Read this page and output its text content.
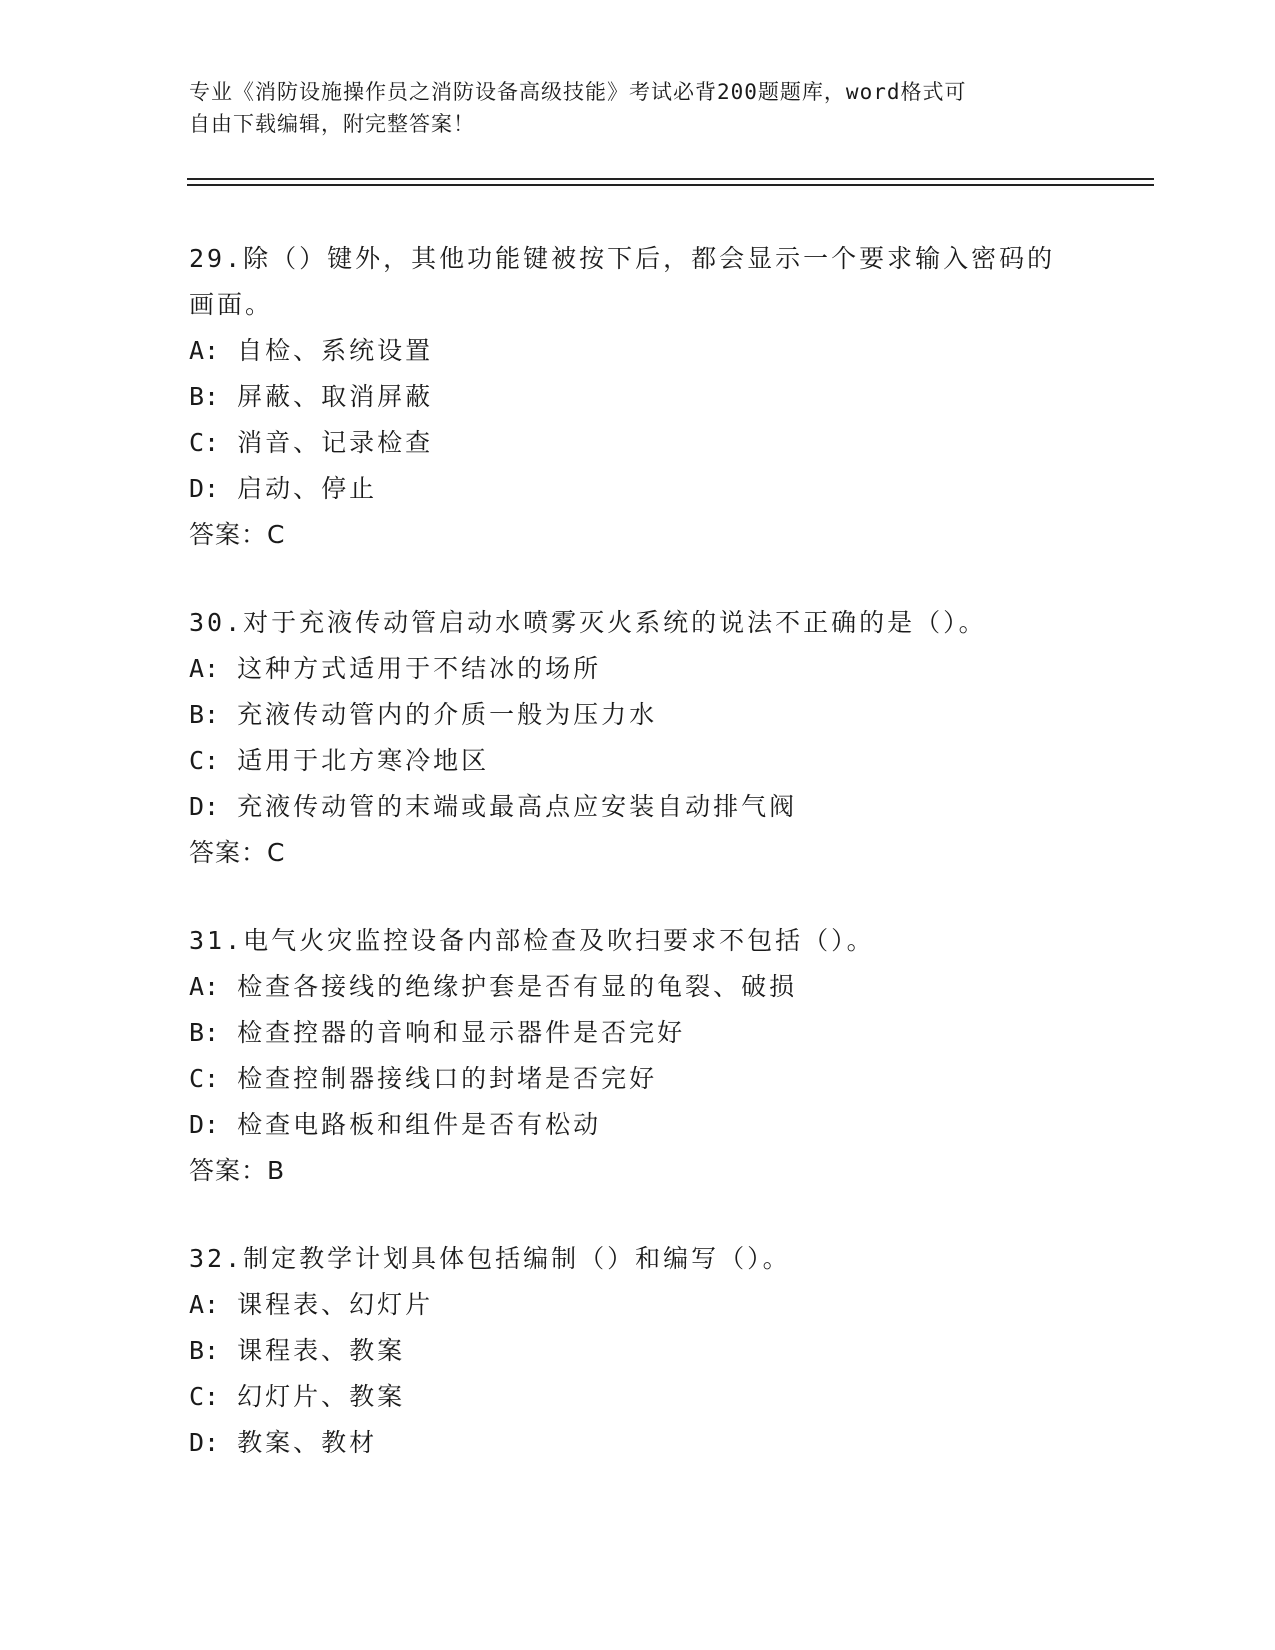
专业《消防设施操作员之消防设备高级技能》考试必背200题题库，word格式可
自由下载编辑，附完整答案！

29.除（）键外，其他功能键被按下后，都会显示一个要求输入密码的

画面。

A: 自检、系统设置

B: 屏蔽、取消屏蔽

C: 消音、记录检查

D: 启动、停止

答案：C

30.对于充液传动管启动水喷雾灭火系统的说法不正确的是（）。

A: 这种方式适用于不结冰的场所

B: 充液传动管内的介质一般为压力水

C: 适用于北方寒冷地区

D: 充液传动管的末端或最高点应安装自动排气阀

答案：C

31.电气火灾监控设备内部检查及吹扫要求不包括（）。

A: 检查各接线的绝缘护套是否有显的龟裂、破损

B: 检查控器的音响和显示器件是否完好

C: 检查控制器接线口的封堵是否完好

D: 检查电路板和组件是否有松动

答案：B

32.制定教学计划具体包括编制（）和编写（）。

A: 课程表、幻灯片

B: 课程表、教案

C: 幻灯片、教案

D: 教案、教材
